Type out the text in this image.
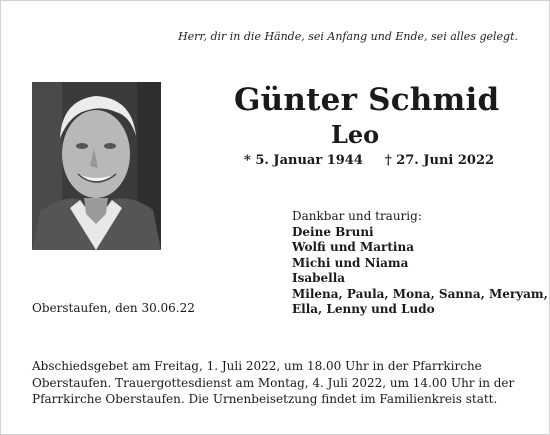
Herr, dir in die Hände, sei Anfang und Ende, sei alles gelegt.
Günter Schmid
Leo
* 5. Januar 1944 † 27. Juni 2022
Dankbar und traurig:
Deine Bruni
Wolfi und Martina
Michi und Niama
Isabella
Milena, Paula, Mona, Sanna, Meryam,
Ella, Lenny und Ludo
Oberstaufen, den 30.06.22
Abschiedsgebet am Freitag, 1. Juli 2022, um 18.00 Uhr in der Pfarrkirche
Oberstaufen. Trauergottesdienst am Montag, 4. Juli 2022, um 14.00 Uhr in der
Pfarrkirche Oberstaufen. Die Urnenbeisetzung findet im Familienkreis statt.
